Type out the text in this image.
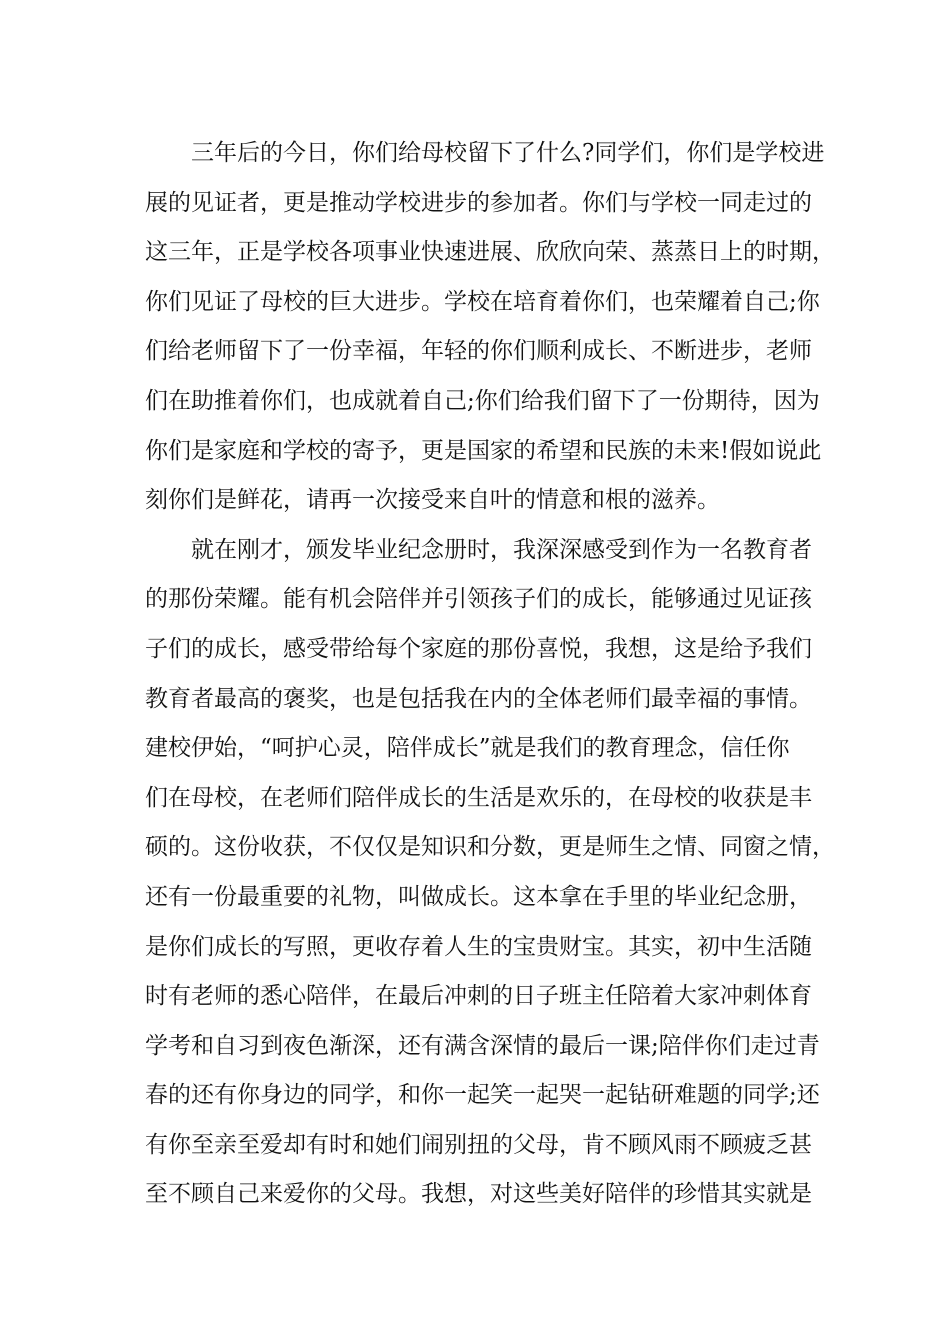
三年后的今日，你们给母校留下了什么?同学们，你们是学校进
展的见证者，更是推动学校进步的参加者。你们与学校一同走过的
这三年，正是学校各项事业快速进展、欣欣向荣、蒸蒸日上的时期，
你们见证了母校的巨大进步。学校在培育着你们，也荣耀着自己;你
们给老师留下了一份幸福，年轻的你们顺利成长、不断进步，老师
们在助推着你们，也成就着自己;你们给我们留下了一份期待，因为
你们是家庭和学校的寄予，更是国家的希望和民族的未来!假如说此
刻你们是鲜花，请再一次接受来自叶的情意和根的滋养。
就在刚才，颁发毕业纪念册时，我深深感受到作为一名教育者
的那份荣耀。能有机会陪伴并引领孩子们的成长，能够通过见证孩
子们的成长，感受带给每个家庭的那份喜悦，我想，这是给予我们
教育者最高的褒奖，也是包括我在内的全体老师们最幸福的事情。
建校伊始，“呵护心灵，陪伴成长”就是我们的教育理念，信任你
们在母校，在老师们陪伴成长的生活是欢乐的，在母校的收获是丰
硕的。这份收获，不仅仅是知识和分数，更是师生之情、同窗之情，
还有一份最重要的礼物，叫做成长。这本拿在手里的毕业纪念册，
是你们成长的写照，更收存着人生的宝贵财宝。其实，初中生活随
时有老师的悉心陪伴，在最后冲刺的日子班主任陪着大家冲刺体育
学考和自习到夜色渐深，还有满含深情的最后一课;陪伴你们走过青
春的还有你身边的同学，和你一起笑一起哭一起钻研难题的同学;还
有你至亲至爱却有时和她们闹别扭的父母，肯不顾风雨不顾疲乏甚
至不顾自己来爱你的父母。我想，对这些美好陪伴的珍惜其实就是
